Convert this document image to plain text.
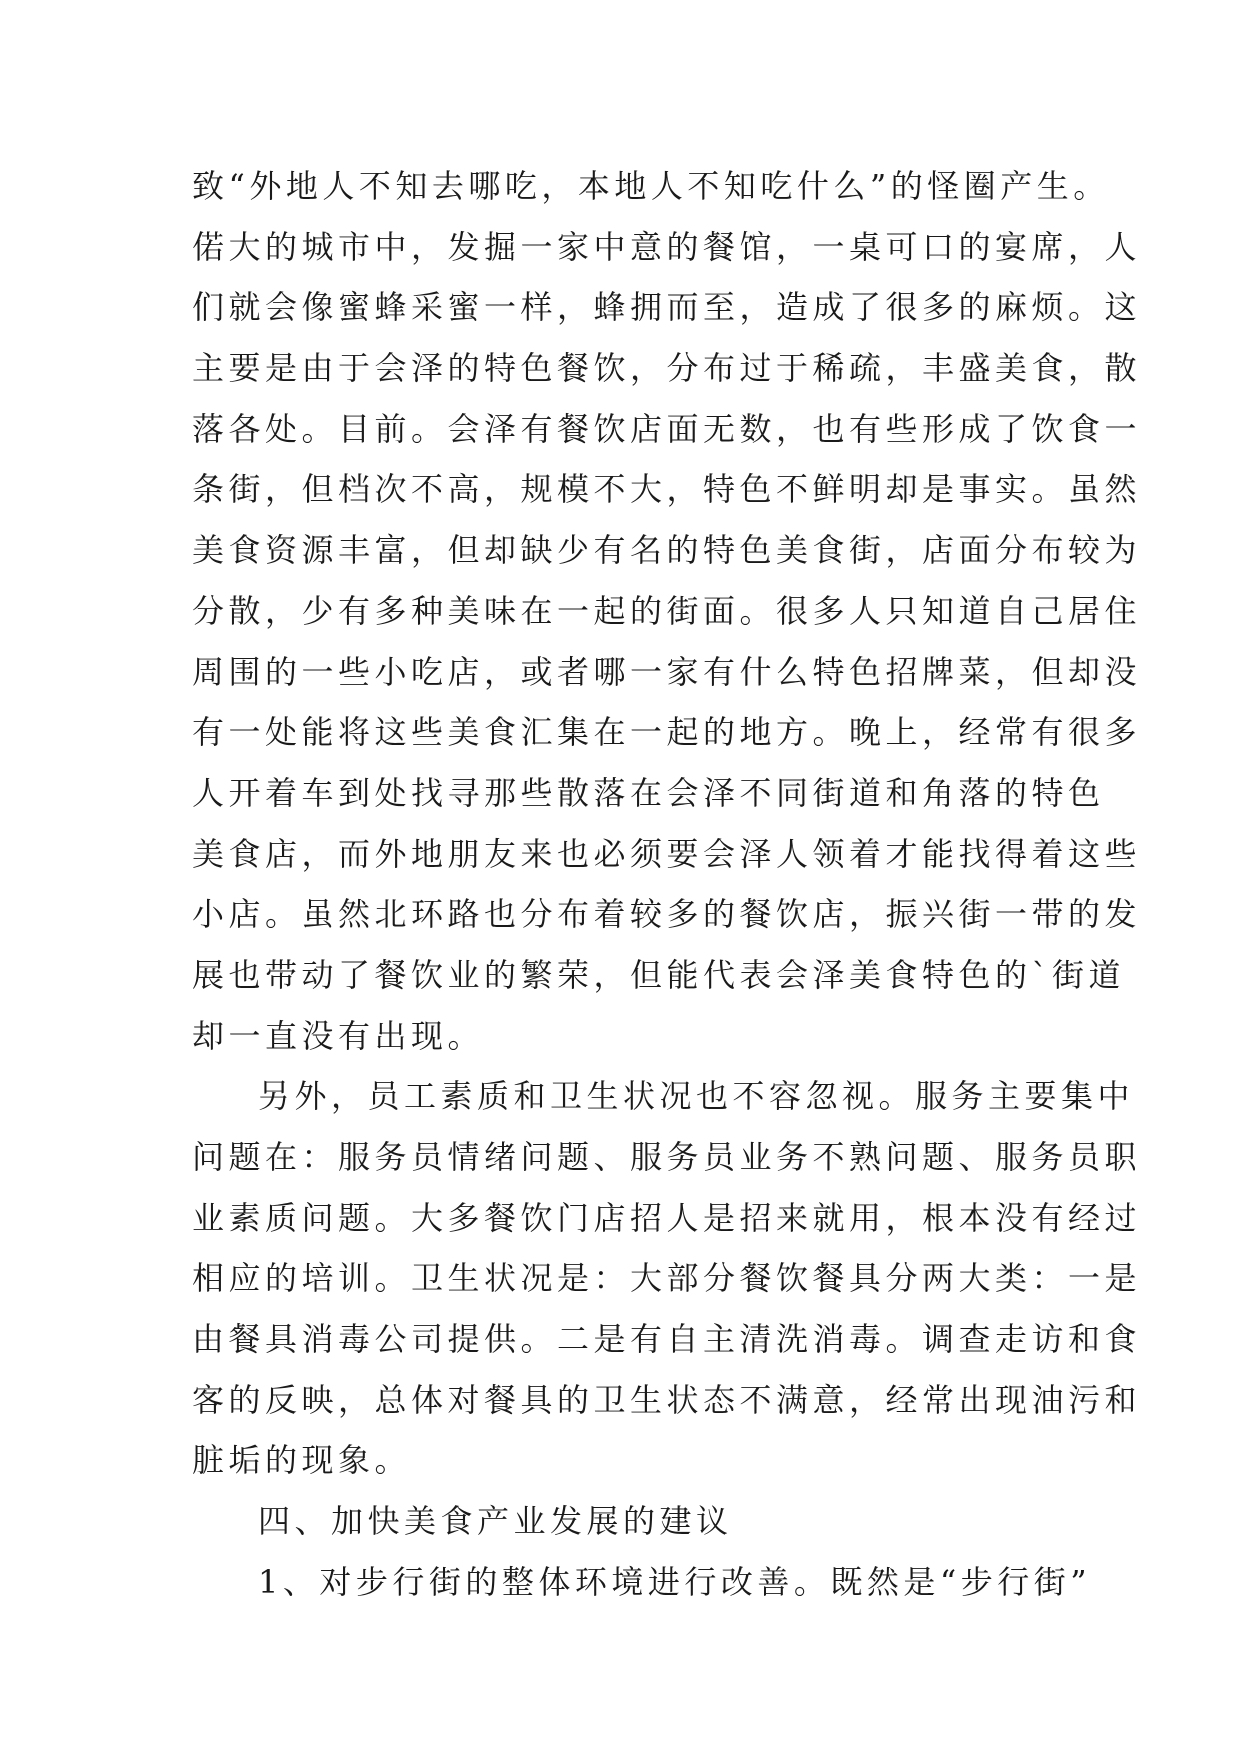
致“外地人不知去哪吃，本地人不知吃什么”的怪圈产生。
偌大的城市中，发掘一家中意的餐馆，一桌可口的宴席，人
们就会像蜜蜂采蜜一样，蜂拥而至，造成了很多的麻烦。这
主要是由于会泽的特色餐饮，分布过于稀疏，丰盛美食，散
落各处。目前。会泽有餐饮店面无数，也有些形成了饮食一
条街，但档次不高，规模不大，特色不鲜明却是事实。虽然
美食资源丰富，但却缺少有名的特色美食街，店面分布较为
分散，少有多种美味在一起的街面。很多人只知道自己居住
周围的一些小吃店，或者哪一家有什么特色招牌菜，但却没
有一处能将这些美食汇集在一起的地方。晚上，经常有很多
人开着车到处找寻那些散落在会泽不同街道和角落的特色
美食店，而外地朋友来也必须要会泽人领着才能找得着这些
小店。虽然北环路也分布着较多的餐饮店，振兴街一带的发
展也带动了餐饮业的繁荣，但能代表会泽美食特色的`街道
却一直没有出现。
另外，员工素质和卫生状况也不容忽视。服务主要集中
问题在：服务员情绪问题、服务员业务不熟问题、服务员职
业素质问题。大多餐饮门店招人是招来就用，根本没有经过
相应的培训。卫生状况是：大部分餐饮餐具分两大类：一是
由餐具消毒公司提供。二是有自主清洗消毒。调查走访和食
客的反映，总体对餐具的卫生状态不满意，经常出现油污和
脏垢的现象。
四、加快美食产业发展的建议
1、对步行街的整体环境进行改善。既然是“步行街”
